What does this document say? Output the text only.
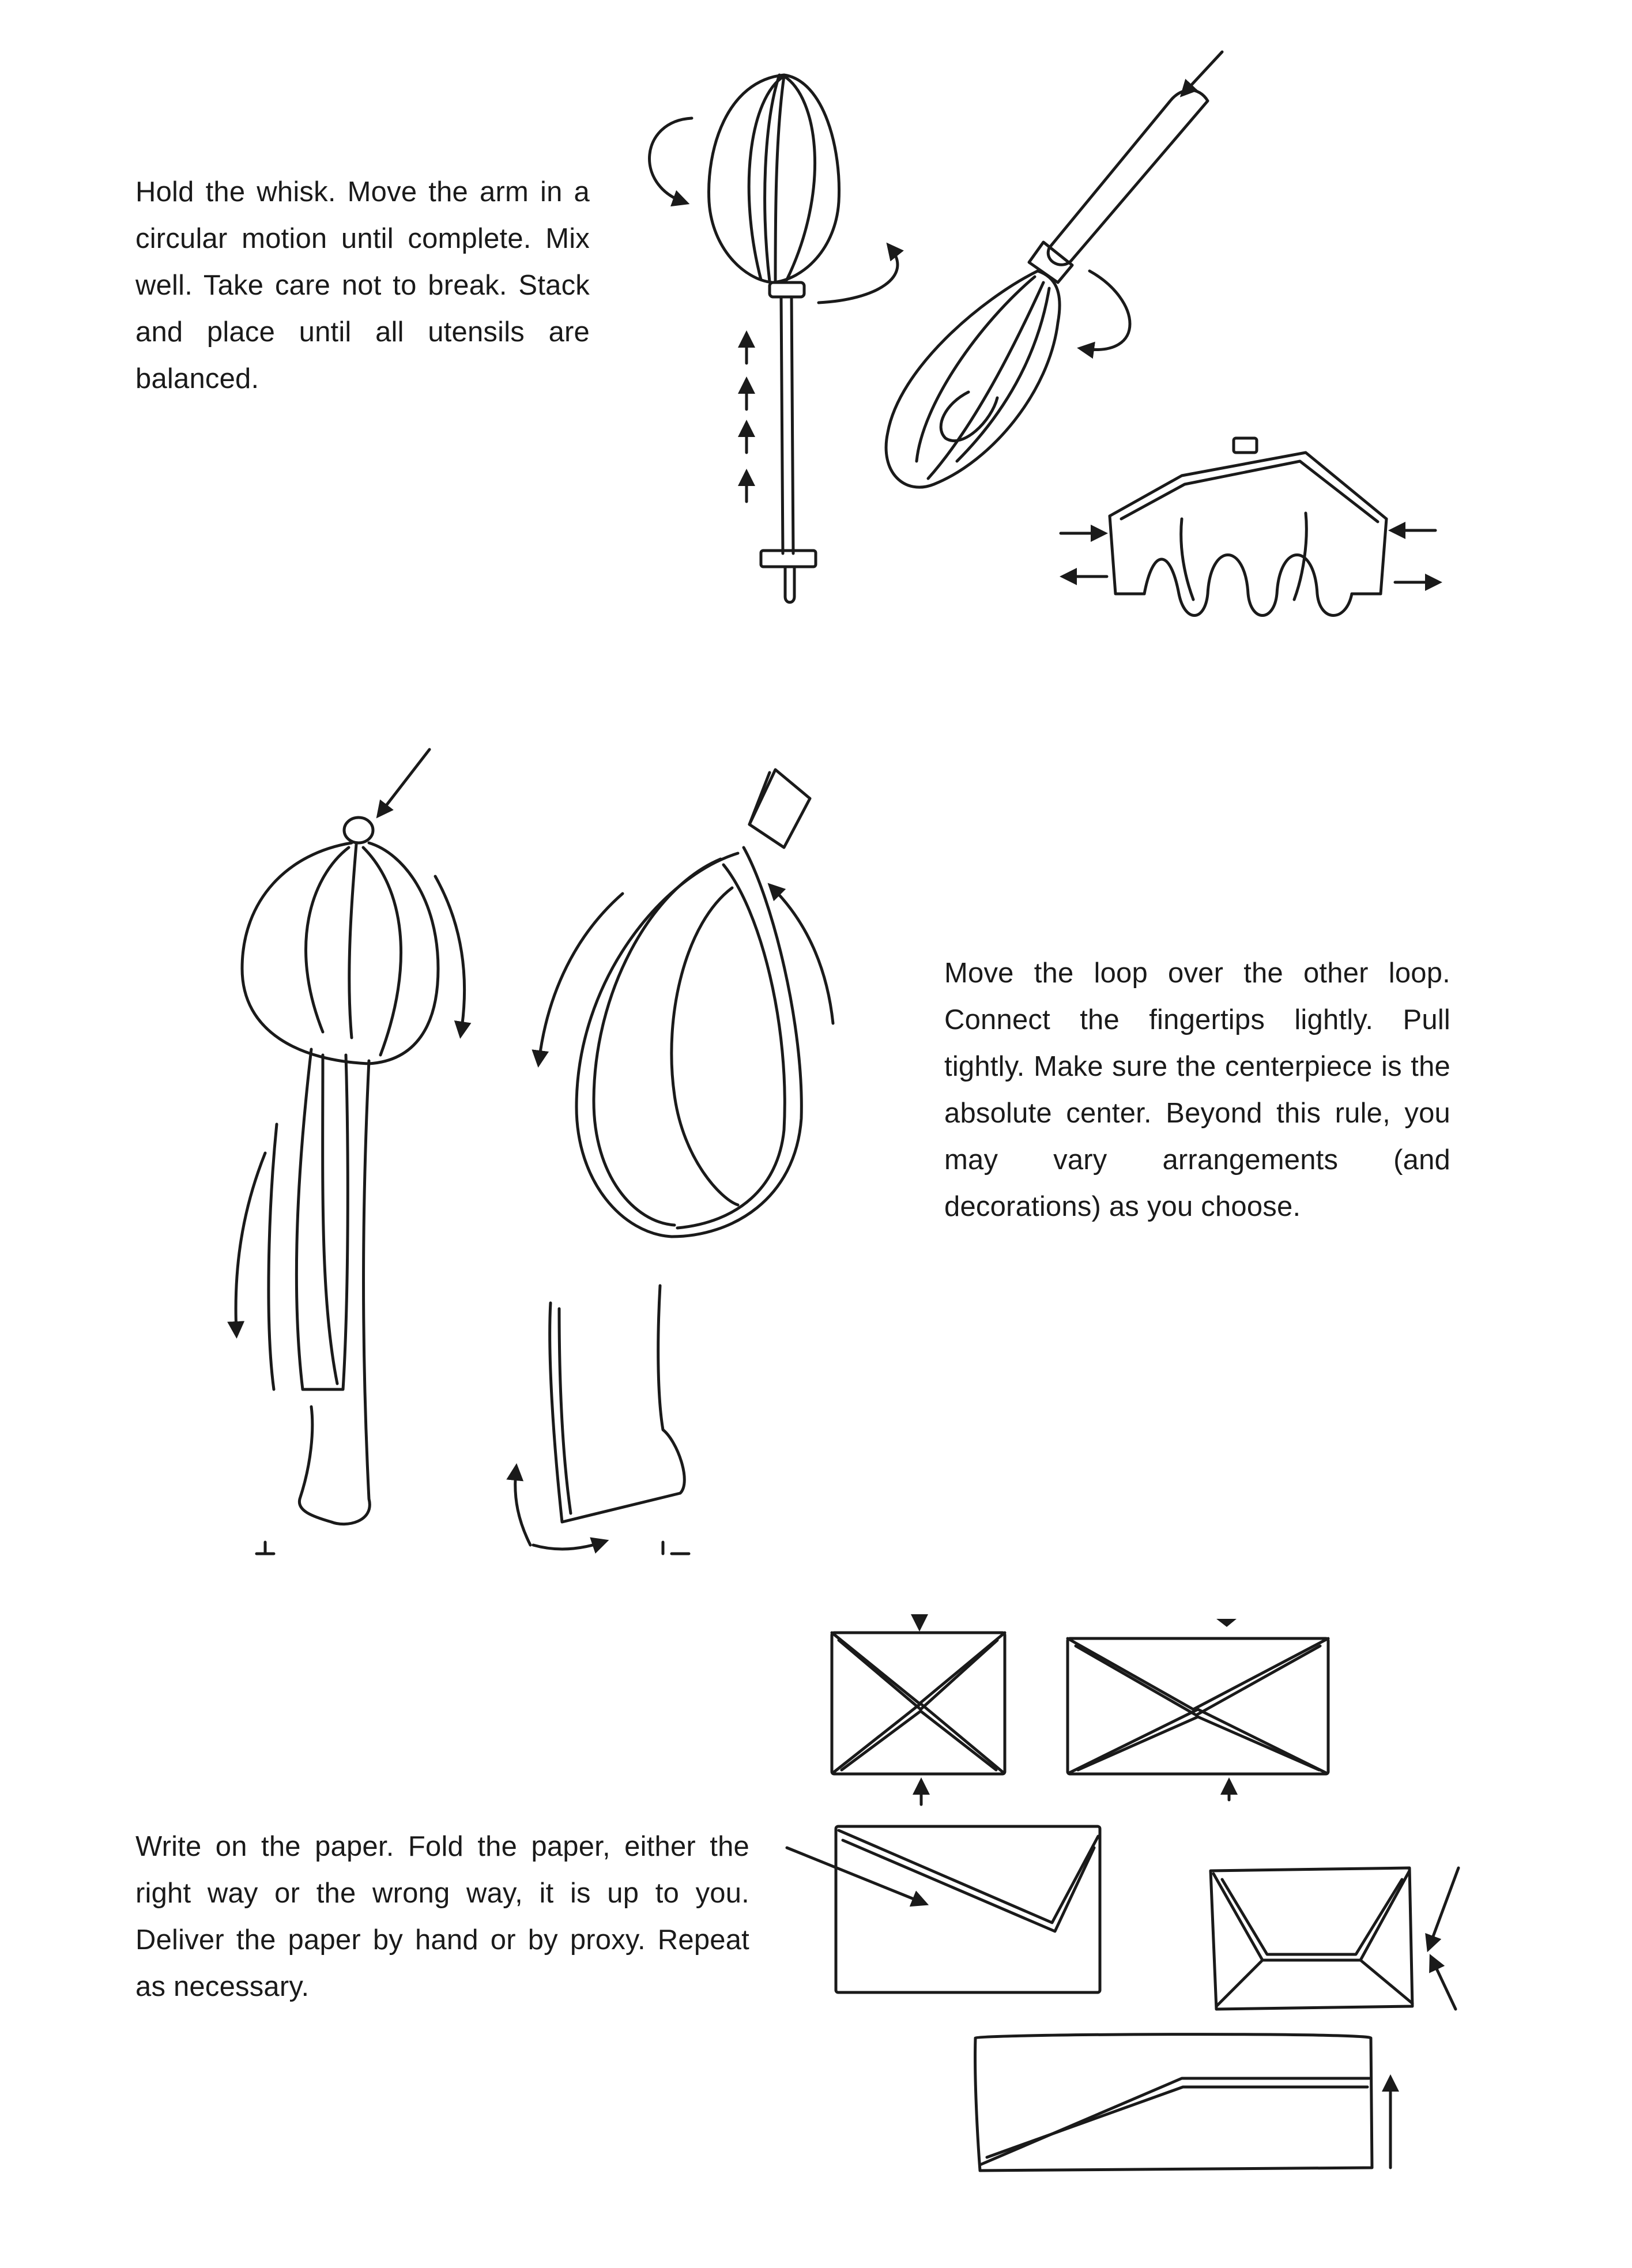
Hold the whisk. Move the arm in a circular motion until complete. Mix well. Take care not to break. Stack and place until all utensils are balanced.

Move the loop over the other loop. Connect the fingertips lightly. Pull tightly. Make sure the centerpiece is the absolute center. Beyond this rule, you may vary arrangements (and decorations) as you choose.

Write on the paper. Fold the paper, either the right way or the wrong way, it is up to you. Deliver the paper by hand or by proxy. Repeat as necessary.
